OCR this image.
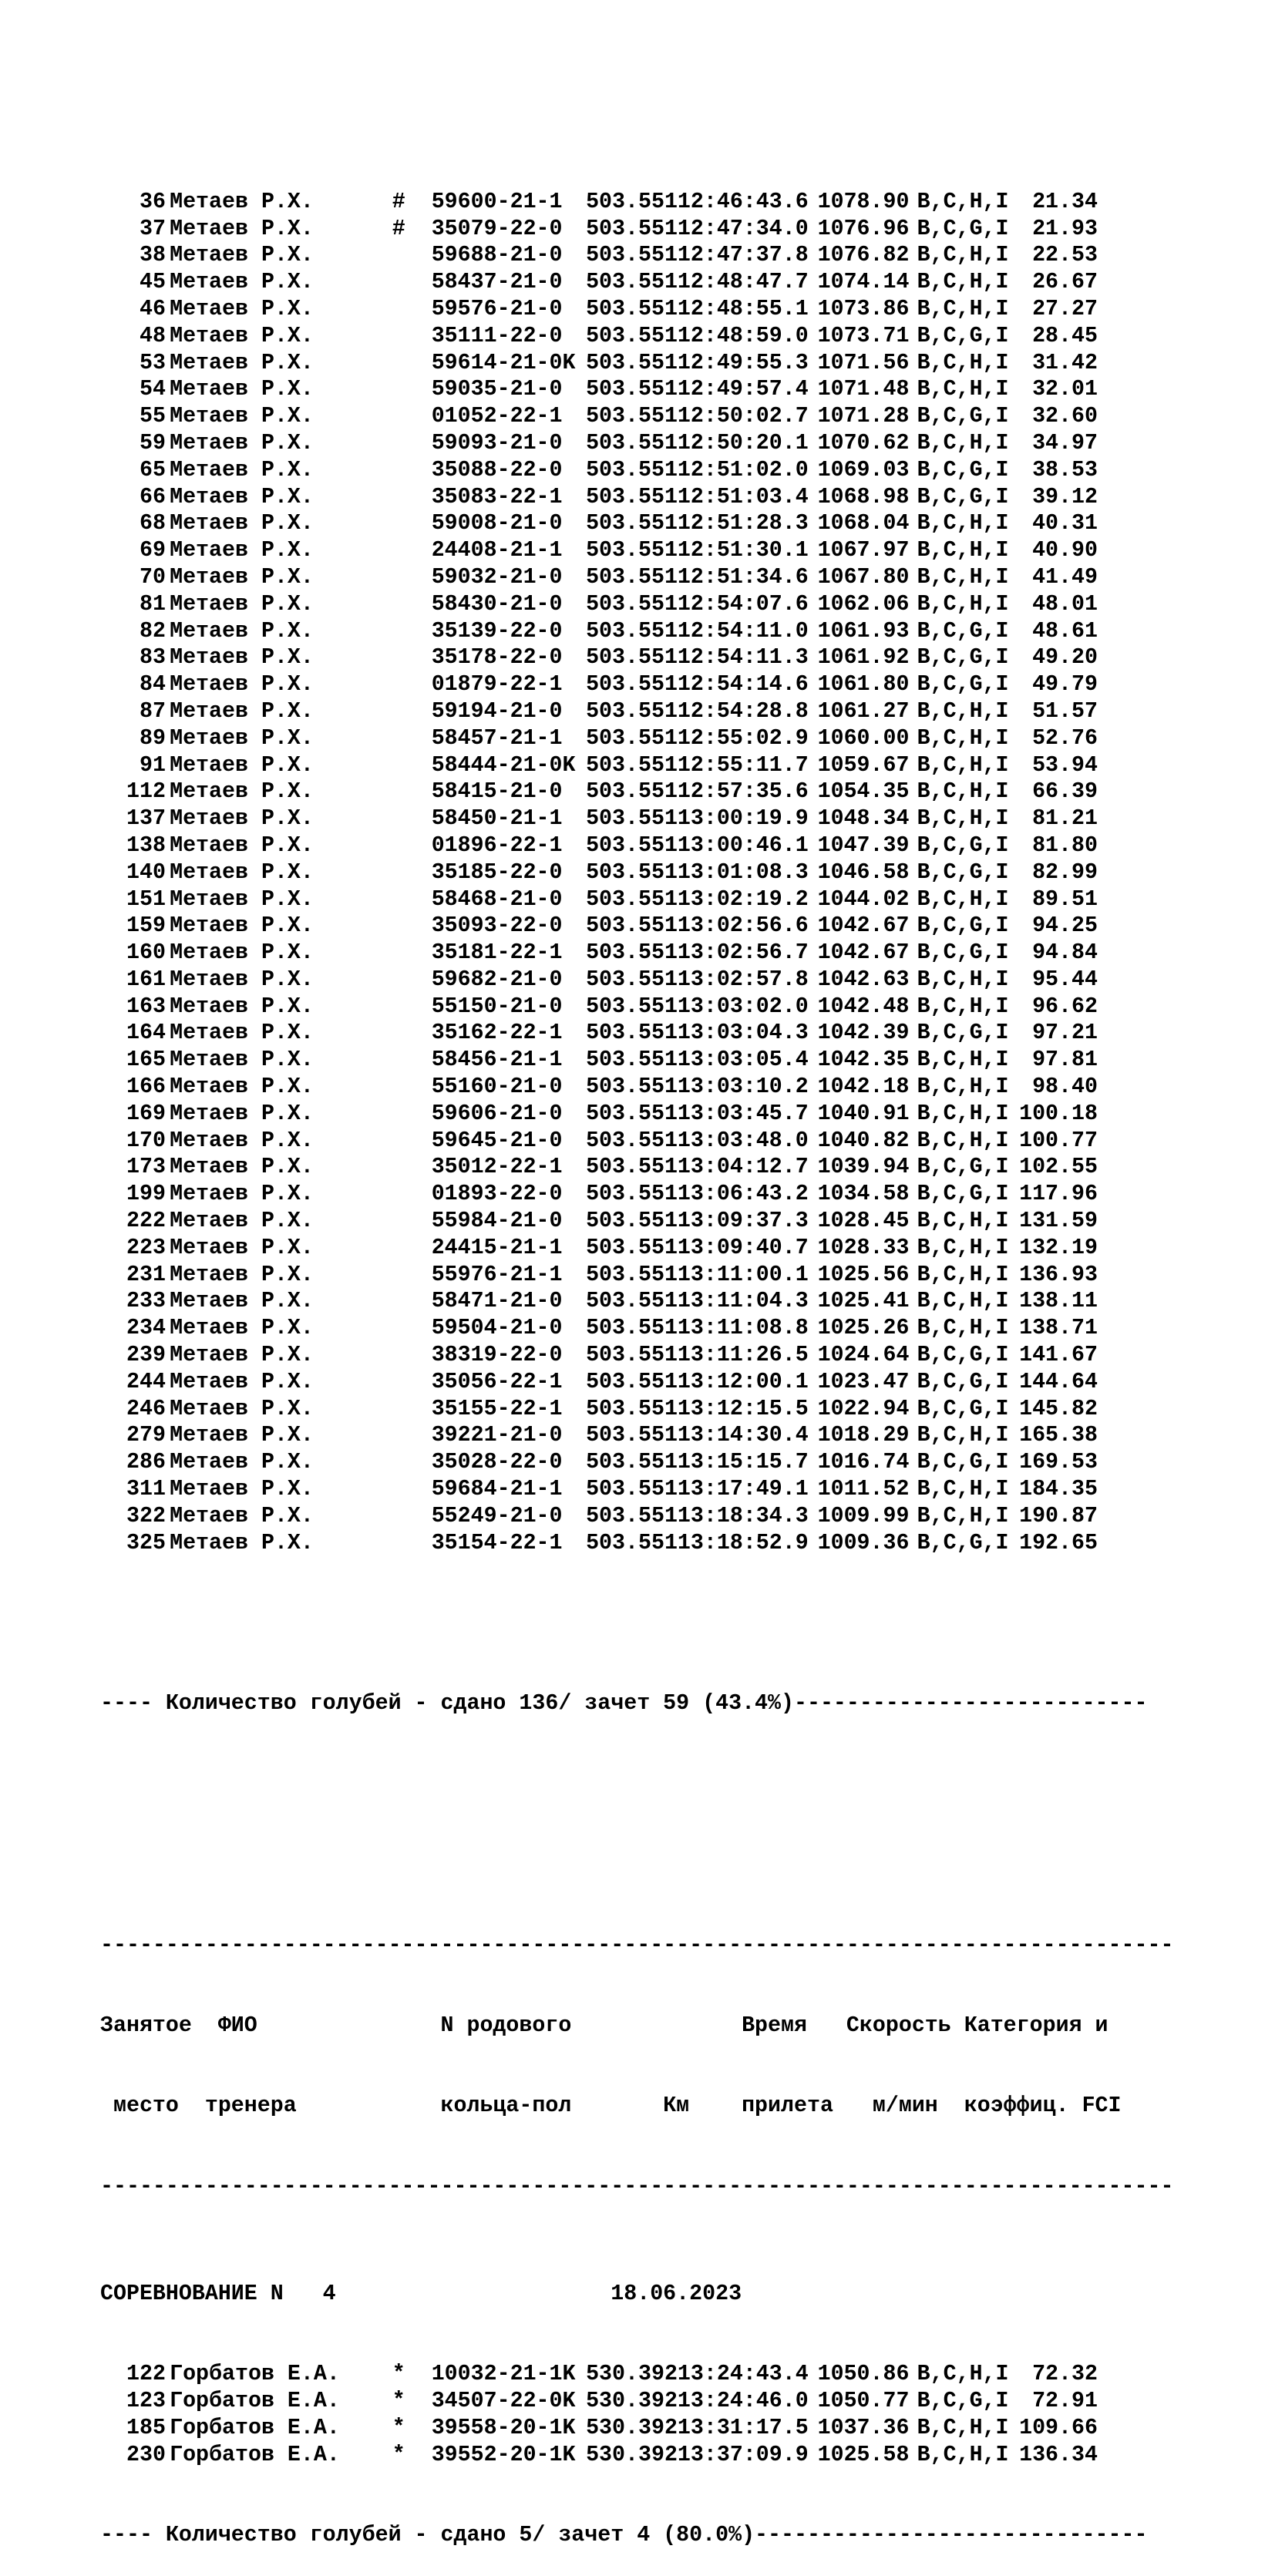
36 Метаев Р.Х.	# 59600-21-1 503.55112:46:43.6 1078.90 B,C,H,I 21.34
37 Метаев Р.Х.	# 35079-22-0 503.55112:47:34.0 1076.96 B,C,G,I 21.93
38 Метаев Р.Х.	59688-21-0 503.55112:47:37.8 1076.82 B,C,H,I 22.53
45 Метаев Р.Х.	58437-21-0 503.55112:48:47.7 1074.14 B,C,H,I 26.67
46 Метаев Р.Х.	59576-21-0 503.55112:48:55.1 1073.86 B,C,H,I 27.27
48 Метаев Р.Х.	35111-22-0 503.55112:48:59.0 1073.71 B,C,G,I 28.45
53 Метаев Р.Х.	59614-21-0K 503.55112:49:55.3 1071.56 B,C,H,I 31.42
54 Метаев Р.Х.	59035-21-0 503.55112:49:57.4 1071.48 B,C,H,I 32.01
55 Метаев Р.Х.	01052-22-1 503.55112:50:02.7 1071.28 B,C,G,I 32.60
59 Метаев Р.Х.	59093-21-0 503.55112:50:20.1 1070.62 B,C,H,I 34.97
65 Метаев Р.Х.	35088-22-0 503.55112:51:02.0 1069.03 B,C,G,I 38.53
66 Метаев Р.Х.	35083-22-1 503.55112:51:03.4 1068.98 B,C,G,I 39.12
68 Метаев Р.Х.	59008-21-0 503.55112:51:28.3 1068.04 B,C,H,I 40.31
69 Метаев Р.Х.	24408-21-1 503.55112:51:30.1 1067.97 B,C,H,I 40.90
70 Метаев Р.Х.	59032-21-0 503.55112:51:34.6 1067.80 B,C,H,I 41.49
81 Метаев Р.Х.	58430-21-0 503.55112:54:07.6 1062.06 B,C,H,I 48.01
82 Метаев Р.Х.	35139-22-0 503.55112:54:11.0 1061.93 B,C,G,I 48.61
83 Метаев Р.Х.	35178-22-0 503.55112:54:11.3 1061.92 B,C,G,I 49.20
84 Метаев Р.Х.	01879-22-1 503.55112:54:14.6 1061.80 B,C,G,I 49.79
87 Метаев Р.Х.	59194-21-0 503.55112:54:28.8 1061.27 B,C,H,I 51.57
89 Метаев Р.Х.	58457-21-1 503.55112:55:02.9 1060.00 B,C,H,I 52.76
91 Метаев Р.Х.	58444-21-0K 503.55112:55:11.7 1059.67 B,C,H,I 53.94
112 Метаев Р.Х.	58415-21-0 503.55112:57:35.6 1054.35 B,C,H,I 66.39
137 Метаев Р.Х.	58450-21-1 503.55113:00:19.9 1048.34 B,C,H,I 81.21
138 Метаев Р.Х.	01896-22-1 503.55113:00:46.1 1047.39 B,C,G,I 81.80
140 Метаев Р.Х.	35185-22-0 503.55113:01:08.3 1046.58 B,C,G,I 82.99
151 Метаев Р.Х.	58468-21-0 503.55113:02:19.2 1044.02 B,C,H,I 89.51
159 Метаев Р.Х.	35093-22-0 503.55113:02:56.6 1042.67 B,C,G,I 94.25
160 Метаев Р.Х.	35181-22-1 503.55113:02:56.7 1042.67 B,C,G,I 94.84
161 Метаев Р.Х.	59682-21-0 503.55113:02:57.8 1042.63 B,C,H,I 95.44
163 Метаев Р.Х.	55150-21-0 503.55113:03:02.0 1042.48 B,C,H,I 96.62
164 Метаев Р.Х.	35162-22-1 503.55113:03:04.3 1042.39 B,C,G,I 97.21
165 Метаев Р.Х.	58456-21-1 503.55113:03:05.4 1042.35 B,C,H,I 97.81
166 Метаев Р.Х.	55160-21-0 503.55113:03:10.2 1042.18 B,C,H,I 98.40
169 Метаев Р.Х.	59606-21-0 503.55113:03:45.7 1040.91 B,C,H,I 100.18
170 Метаев Р.Х.	59645-21-0 503.55113:03:48.0 1040.82 B,C,H,I 100.77
173 Метаев Р.Х.	35012-22-1 503.55113:04:12.7 1039.94 B,C,G,I 102.55
199 Метаев Р.Х.	01893-22-0 503.55113:06:43.2 1034.58 B,C,G,I 117.96
222 Метаев Р.Х.	55984-21-0 503.55113:09:37.3 1028.45 B,C,H,I 131.59
223 Метаев Р.Х.	24415-21-1 503.55113:09:40.7 1028.33 B,C,H,I 132.19
231 Метаев Р.Х.	55976-21-1 503.55113:11:00.1 1025.56 B,C,H,I 136.93
233 Метаев Р.Х.	58471-21-0 503.55113:11:04.3 1025.41 B,C,H,I 138.11
234 Метаев Р.Х.	59504-21-0 503.55113:11:08.8 1025.26 B,C,H,I 138.71
239 Метаев Р.Х.	38319-22-0 503.55113:11:26.5 1024.64 B,C,G,I 141.67
244 Метаев Р.Х.	35056-22-1 503.55113:12:00.1 1023.47 B,C,G,I 144.64
246 Метаев Р.Х.	35155-22-1 503.55113:12:15.5 1022.94 B,C,G,I 145.82
279 Метаев Р.Х.	39221-21-0 503.55113:14:30.4 1018.29 B,C,H,I 165.38
286 Метаев Р.Х.	35028-22-0 503.55113:15:15.7 1016.74 B,C,G,I 169.53
311 Метаев Р.Х.	59684-21-1 503.55113:17:49.1 1011.52 B,C,H,I 184.35
322 Метаев Р.Х.	55249-21-0 503.55113:18:34.3 1009.99 B,C,H,I 190.87
325 Метаев Р.Х.	35154-22-1 503.55113:18:52.9 1009.36 B,C,G,I 192.65

---- Количество голубей - сдано 136/ зачет 59 (43.4%)---------------------------

----------------------------------------------------------------------------------

Занятое  ФИО              N родового             Время   Скорость Категория и

место  тренера           кольца-пол       Км    прилета   м/мин  коэффиц. FCI

----------------------------------------------------------------------------------

СОРЕВНОВАНИЕ N   4                     18.06.2023

122 Горбатов Е.А. * 10032-21-1K 530.39213:24:43.4 1050.86 B,C,H,I 72.32
123 Горбатов Е.А. * 34507-22-0K 530.39213:24:46.0 1050.77 B,C,G,I 72.91
185 Горбатов Е.А. * 39558-20-1K 530.39213:31:17.5 1037.36 B,C,H,I 109.66
230 Горбатов Е.А. * 39552-20-1K 530.39213:37:09.9 1025.58 B,C,H,I 136.34

---- Количество голубей - сдано 5/ зачет 4 (80.0%)------------------------------
